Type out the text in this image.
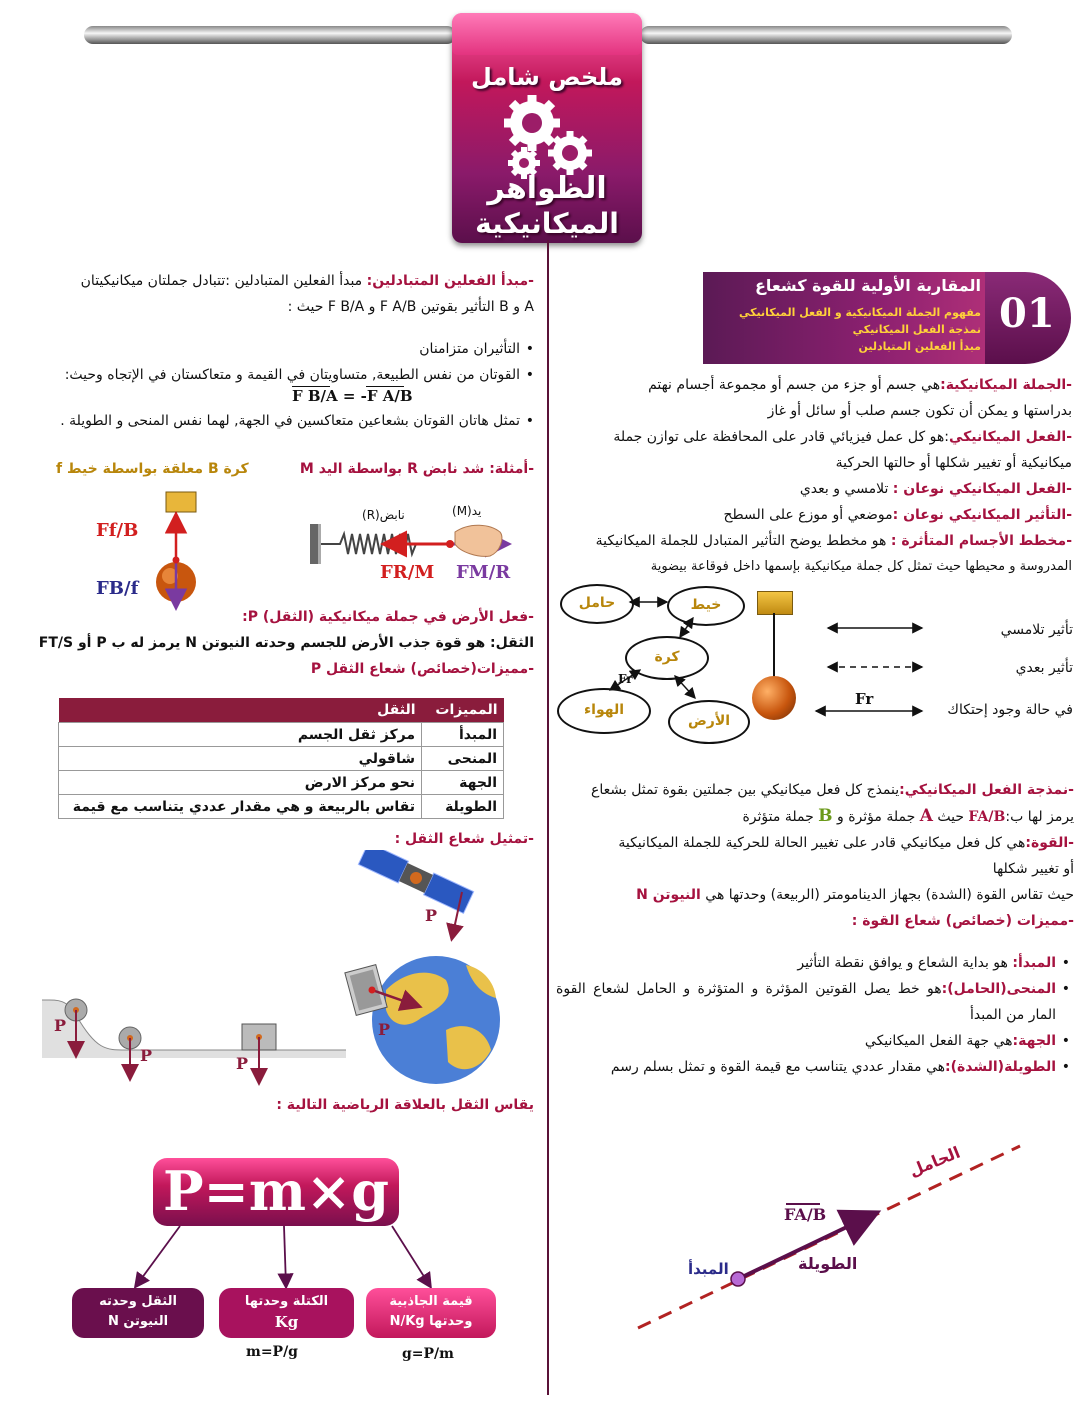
ملخص شامل
الظواهر
الميكانيكية
المقاربة الأولية للقوة كشعاع
مفهوم الجملة الميكانيكية و الفعل الميكانيكي
نمذجة الفعل الميكانيكي
مبدأ الفعلين المتبادلين
01
-الجملة الميكانيكية:هي جسم أو جزء من جسم أو مجموعة أجسام نهتم
بدراستها و يمكن أن تكون جسم صلب أو سائل أو غاز
-الفعل الميكانيكي:هو كل عمل فيزيائي قادر على المحافظة على توازن جملة
ميكانيكية أو تغيير شكلها أو حالتها الحركية
-الفعل الميكانيكي نوعان : تلامسي و بعدي
-التأثير الميكانيكي نوعان :موضعي أو موزع على السطح
-مخطط الأجسام المتأثرة : هو مخطط يوضح التأثير المتبادل للجملة الميكانيكية
المدروسة و محيطها حيث تمثل كل جملة ميكانيكية بإسمها داخل فوقاعة بيضوية
حامل	خيط
كرة
الهواء
الأرض
Fr
تأثير تلامسي
تأثير بعدي
في حالة وجود إحتكاك
Fr
-نمذجة الفعل الميكانيكي:ينمذج كل فعل ميكانيكي بين جملتين بقوة تمثل بشعاع
يرمز لها ب:FA/B حيث A جملة مؤثرة و B جملة متؤثرة
-القوة:هي كل فعل ميكانيكي قادر على تغيير الحالة للحركية للجملة الميكانيكية
أو تغيير شكلها
حيث تقاس القوة (الشدة) بجهاز الدينامومتر (الربيعة) وحدتها هي النيوتن N
-مميزات (خصائص) شعاع القوة :
• المبدأ: هو بداية الشعاع و يوافق نقطة التأثير
• المنحى(الحامل):هو خط يصل القوتين المؤثرة و المتؤثرة و الحامل لشعاع القوة المار من المبدأ
• الجهة:هي جهة الفعل الميكانيكي
• الطويلة(الشدة):هي مقدار عددي يتناسب مع قيمة القوة و تمثل بسلم رسم
الحامل
FA/B
الطويلة
المبدأ
-مبدأ الفعلين المتبادلين: مبدأ الفعلين المتبادلين :تتبادل جملتان ميكانيكيتان
A و B التأثير بقوتين F A/B و F B/A حيث :
• التأثيران متزامنان
• القوتان من نفس الطبيعة, متساويتان في القيمة و متعاكستان في الإتجاه وحيث:
• تمثل هاتان القوتان بشعاعين متعاكسين في الجهة, لهما نفس المنحى و الطويلة .
F B/A = -F A/B
-أمثلة: شد نابض R بواسطة اليد M
كرة B معلقة بواسطة خيط f
يد(M)
نابض(R)
FR/M FM/R
Ff/B
FB/f
-فعل الأرض في جملة ميكانيكية (الثقل) P:
الثقل: هو قوة جذب الأرض للجسم وحدته النيوتن N يرمز له ب P أو FT/S
-مميزات(خصائص) شعاع الثقل P
المميزات	الثقل
المبدأ	مركز ثقل الجسم
المنحى	شاقولي
الجهة	نحو مركز الارض
الطويلة	تقاس بالربيعة و هي مقدار عددي يتناسب مع قيمة
-تمثيل شعاع الثقل :
P
P
P
P	P
يقاس الثقل بالعلاقة الرياضية التالية :
P=m×g
الثقل وحدته
النيوتن N
الكتلة وحدتها
Kg
قيمة الجاذبية
وحدتها N/Kg
m=P/g	g=P/m
